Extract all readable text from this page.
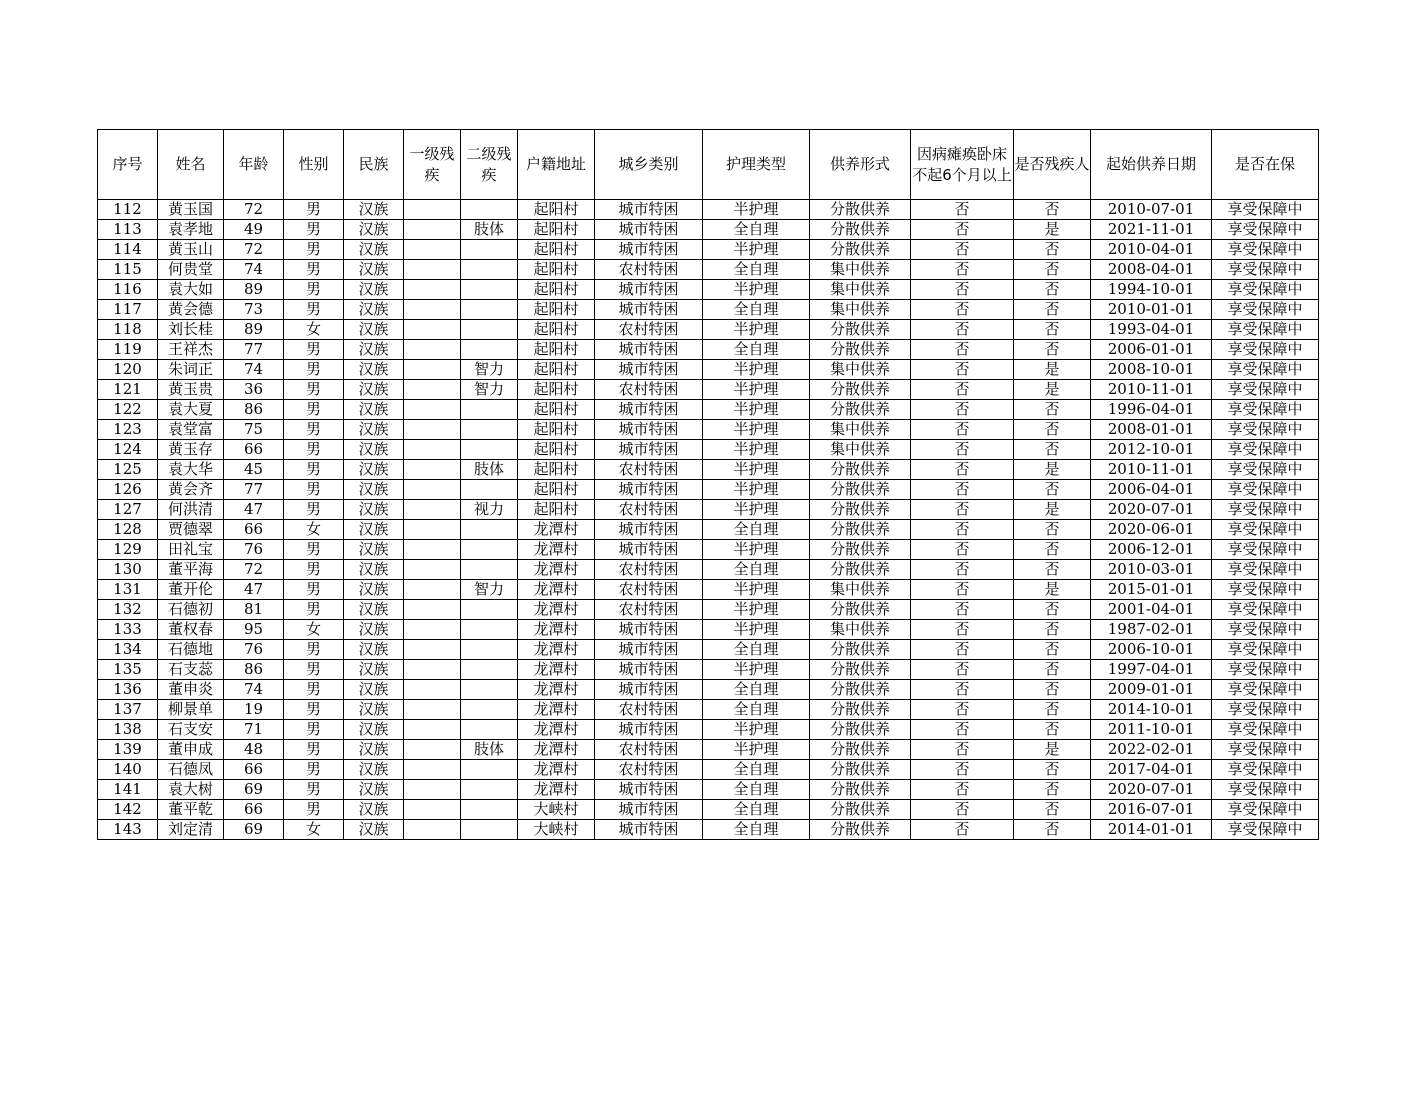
序号	姓名	年龄	性别	民族	一级残疾	二级残疾	户籍地址	城乡类别	护理类型	供养形式	因病瘫痪卧床不起6个月以上	是否残疾人	起始供养日期	是否在保
112	黄玉国	72	男	汉族			起阳村	城市特困	半护理	分散供养	否	否	2010-07-01	享受保障中
113	袁孝地	49	男	汉族		肢体	起阳村	城市特困	全自理	分散供养	否	是	2021-11-01	享受保障中
114	黄玉山	72	男	汉族			起阳村	城市特困	半护理	分散供养	否	否	2010-04-01	享受保障中
115	何贵堂	74	男	汉族			起阳村	农村特困	全自理	集中供养	否	否	2008-04-01	享受保障中
116	袁大如	89	男	汉族			起阳村	城市特困	半护理	集中供养	否	否	1994-10-01	享受保障中
117	黄会德	73	男	汉族			起阳村	城市特困	全自理	集中供养	否	否	2010-01-01	享受保障中
118	刘长桂	89	女	汉族			起阳村	农村特困	半护理	分散供养	否	否	1993-04-01	享受保障中
119	王祥杰	77	男	汉族			起阳村	城市特困	全自理	分散供养	否	否	2006-01-01	享受保障中
120	朱词正	74	男	汉族		智力	起阳村	城市特困	半护理	集中供养	否	是	2008-10-01	享受保障中
121	黄玉贵	36	男	汉族		智力	起阳村	农村特困	半护理	分散供养	否	是	2010-11-01	享受保障中
122	袁大夏	86	男	汉族			起阳村	城市特困	半护理	分散供养	否	否	1996-04-01	享受保障中
123	袁堂富	75	男	汉族			起阳村	城市特困	半护理	集中供养	否	否	2008-01-01	享受保障中
124	黄玉存	66	男	汉族			起阳村	城市特困	半护理	集中供养	否	否	2012-10-01	享受保障中
125	袁大华	45	男	汉族		肢体	起阳村	农村特困	半护理	分散供养	否	是	2010-11-01	享受保障中
126	黄会齐	77	男	汉族			起阳村	城市特困	半护理	分散供养	否	否	2006-04-01	享受保障中
127	何洪清	47	男	汉族		视力	起阳村	农村特困	半护理	分散供养	否	是	2020-07-01	享受保障中
128	贾德翠	66	女	汉族			龙潭村	城市特困	全自理	分散供养	否	否	2020-06-01	享受保障中
129	田礼宝	76	男	汉族			龙潭村	城市特困	半护理	分散供养	否	否	2006-12-01	享受保障中
130	董平海	72	男	汉族			龙潭村	农村特困	全自理	分散供养	否	否	2010-03-01	享受保障中
131	董开伦	47	男	汉族		智力	龙潭村	农村特困	半护理	集中供养	否	是	2015-01-01	享受保障中
132	石德初	81	男	汉族			龙潭村	农村特困	半护理	分散供养	否	否	2001-04-01	享受保障中
133	董权春	95	女	汉族			龙潭村	城市特困	半护理	集中供养	否	否	1987-02-01	享受保障中
134	石德地	76	男	汉族			龙潭村	城市特困	全自理	分散供养	否	否	2006-10-01	享受保障中
135	石支蕊	86	男	汉族			龙潭村	城市特困	半护理	分散供养	否	否	1997-04-01	享受保障中
136	董申炎	74	男	汉族			龙潭村	城市特困	全自理	分散供养	否	否	2009-01-01	享受保障中
137	柳景单	19	男	汉族			龙潭村	农村特困	全自理	分散供养	否	否	2014-10-01	享受保障中
138	石支安	71	男	汉族			龙潭村	城市特困	半护理	分散供养	否	否	2011-10-01	享受保障中
139	董申成	48	男	汉族		肢体	龙潭村	农村特困	半护理	分散供养	否	是	2022-02-01	享受保障中
140	石德凤	66	男	汉族			龙潭村	农村特困	全自理	分散供养	否	否	2017-04-01	享受保障中
141	袁大树	69	男	汉族			龙潭村	城市特困	全自理	分散供养	否	否	2020-07-01	享受保障中
142	董平乾	66	男	汉族			大峡村	城市特困	全自理	分散供养	否	否	2016-07-01	享受保障中
143	刘定清	69	女	汉族			大峡村	城市特困	全自理	分散供养	否	否	2014-01-01	享受保障中
